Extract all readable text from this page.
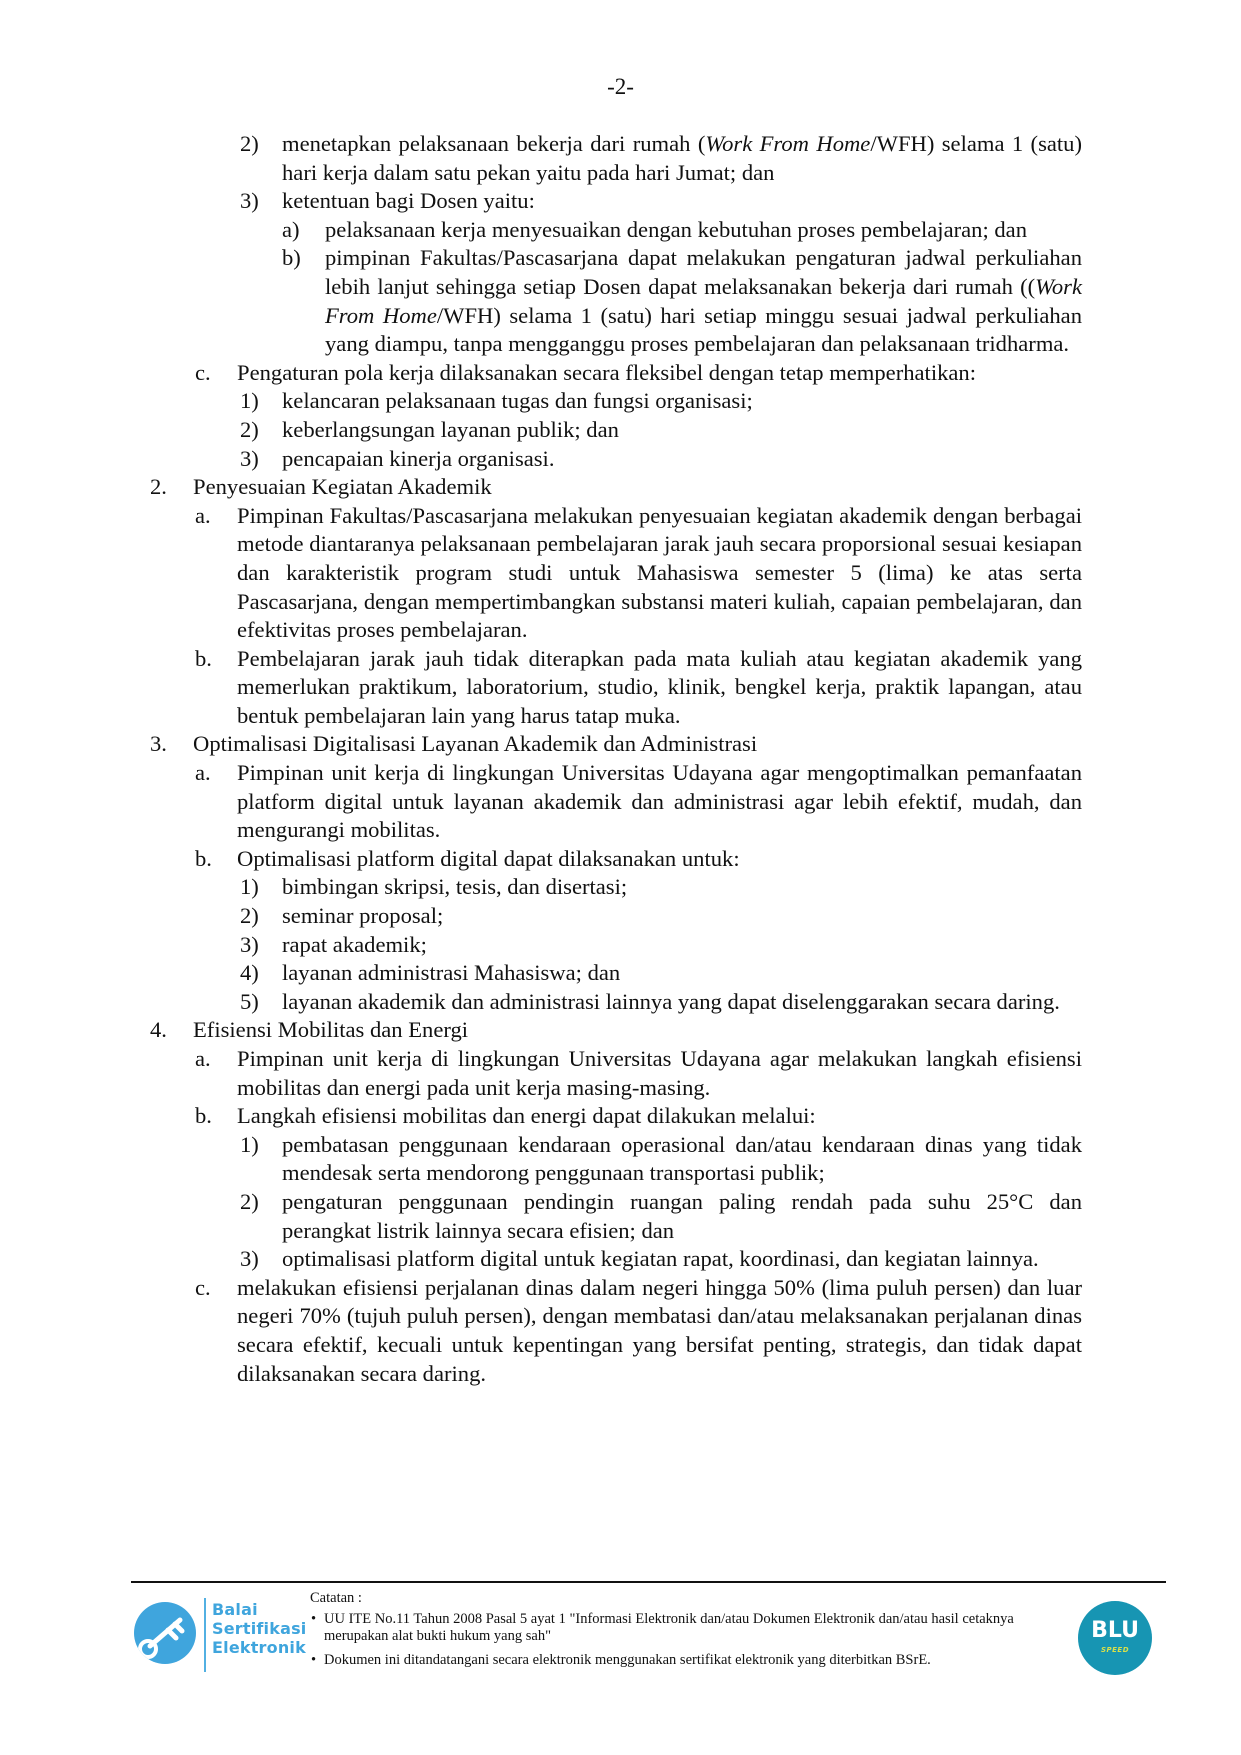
-2-
2) menetapkan pelaksanaan bekerja dari rumah (Work From Home/WFH) selama 1 (satu) hari kerja dalam satu pekan yaitu pada hari Jumat; dan
3) ketentuan bagi Dosen yaitu:
a) pelaksanaan kerja menyesuaikan dengan kebutuhan proses pembelajaran; dan
b) pimpinan Fakultas/Pascasarjana dapat melakukan pengaturan jadwal perkuliahan lebih lanjut sehingga setiap Dosen dapat melaksanakan bekerja dari rumah ((Work From Home/WFH) selama 1 (satu) hari setiap minggu sesuai jadwal perkuliahan yang diampu, tanpa mengganggu proses pembelajaran dan pelaksanaan tridharma.
c. Pengaturan pola kerja dilaksanakan secara fleksibel dengan tetap memperhatikan:
1) kelancaran pelaksanaan tugas dan fungsi organisasi;
2) keberlangsungan layanan publik; dan
3) pencapaian kinerja organisasi.
2. Penyesuaian Kegiatan Akademik
a. Pimpinan Fakultas/Pascasarjana melakukan penyesuaian kegiatan akademik dengan berbagai metode diantaranya pelaksanaan pembelajaran jarak jauh secara proporsional sesuai kesiapan dan karakteristik program studi untuk Mahasiswa semester 5 (lima) ke atas serta Pascasarjana, dengan mempertimbangkan substansi materi kuliah, capaian pembelajaran, dan efektivitas proses pembelajaran.
b. Pembelajaran jarak jauh tidak diterapkan pada mata kuliah atau kegiatan akademik yang memerlukan praktikum, laboratorium, studio, klinik, bengkel kerja, praktik lapangan, atau bentuk pembelajaran lain yang harus tatap muka.
3. Optimalisasi Digitalisasi Layanan Akademik dan Administrasi
a. Pimpinan unit kerja di lingkungan Universitas Udayana agar mengoptimalkan pemanfaatan platform digital untuk layanan akademik dan administrasi agar lebih efektif, mudah, dan mengurangi mobilitas.
b. Optimalisasi platform digital dapat dilaksanakan untuk:
1) bimbingan skripsi, tesis, dan disertasi;
2) seminar proposal;
3) rapat akademik;
4) layanan administrasi Mahasiswa; dan
5) layanan akademik dan administrasi lainnya yang dapat diselenggarakan secara daring.
4. Efisiensi Mobilitas dan Energi
a. Pimpinan unit kerja di lingkungan Universitas Udayana agar melakukan langkah efisiensi mobilitas dan energi pada unit kerja masing-masing.
b. Langkah efisiensi mobilitas dan energi dapat dilakukan melalui:
1) pembatasan penggunaan kendaraan operasional dan/atau kendaraan dinas yang tidak mendesak serta mendorong penggunaan transportasi publik;
2) pengaturan penggunaan pendingin ruangan paling rendah pada suhu 25°C dan perangkat listrik lainnya secara efisien; dan
3) optimalisasi platform digital untuk kegiatan rapat, koordinasi, dan kegiatan lainnya.
c. melakukan efisiensi perjalanan dinas dalam negeri hingga 50% (lima puluh persen) dan luar negeri 70% (tujuh puluh persen), dengan membatasi dan/atau melaksanakan perjalanan dinas secara efektif, kecuali untuk kepentingan yang bersifat penting, strategis, dan tidak dapat dilaksanakan secara daring.
Balai
Sertifikasi
Elektronik
Catatan :
• UU ITE No.11 Tahun 2008 Pasal 5 ayat 1 "Informasi Elektronik dan/atau Dokumen Elektronik dan/atau hasil cetaknya merupakan alat bukti hukum yang sah"
• Dokumen ini ditandatangani secara elektronik menggunakan sertifikat elektronik yang diterbitkan BSrE.
BLU
SPEED
